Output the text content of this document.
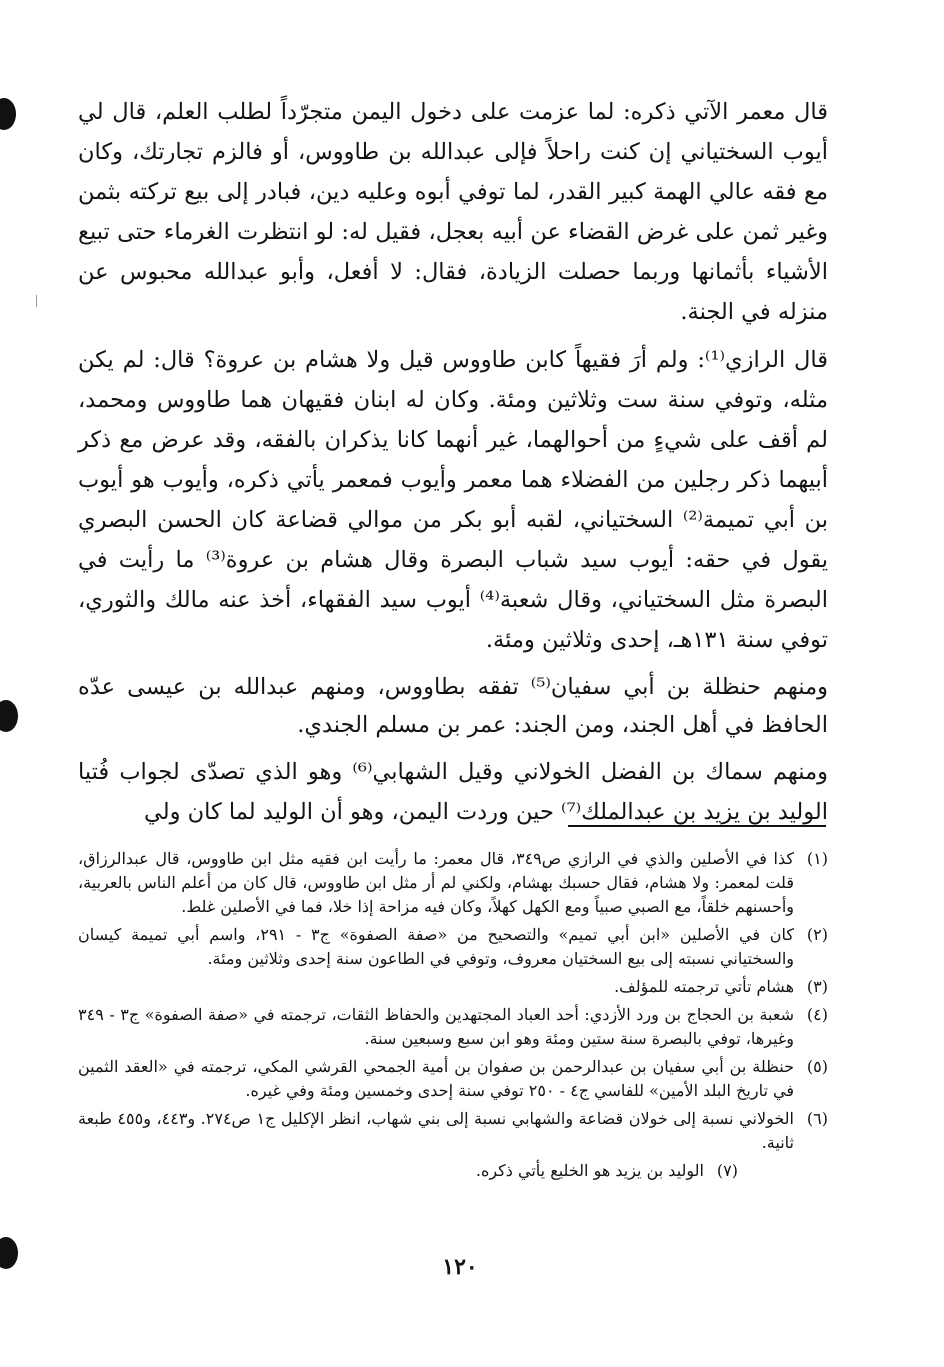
قال معمر الآتي ذكره: لما عزمت على دخول اليمن متجرّداً لطلب العلم، قال لي أيوب السختياني إن كنت راحلاً فإلى عبدالله بن طاووس، أو فالزم تجارتك، وكان مع فقه عالي الهمة كبير القدر، لما توفي أبوه وعليه دين، فبادر إلى بيع تركته بثمن وغير ثمن على غرض القضاء عن أبيه بعجل، فقيل له: لو انتظرت الغرماء حتى تبيع الأشياء بأثمانها وربما حصلت الزيادة، فقال: لا أفعل، وأبو عبدالله محبوس عن منزله في الجنة.

قال الرازي⁽¹⁾: ولم أرَ فقيهاً كابن طاووس قيل ولا هشام بن عروة؟ قال: لم يكن مثله، وتوفي سنة ست وثلاثين ومئة. وكان له ابنان فقيهان هما طاووس ومحمد، لم أقف على شيءٍ من أحوالهما، غير أنهما كانا يذكران بالفقه، وقد عرض مع ذكر أبيهما ذكر رجلين من الفضلاء هما معمر وأيوب فمعمر يأتي ذكره، وأيوب هو أيوب بن أبي تميمة⁽²⁾ السختياني، لقبه أبو بكر من موالي قضاعة كان الحسن البصري يقول في حقه: أيوب سيد شباب البصرة وقال هشام بن عروة⁽³⁾ ما رأيت في البصرة مثل السختياني، وقال شعبة⁽⁴⁾ أيوب سيد الفقهاء، أخذ عنه مالك والثوري، توفي سنة ١٣١هـ، إحدى وثلاثين ومئة.

ومنهم حنظلة بن أبي سفيان⁽⁵⁾ تفقه بطاووس، ومنهم عبدالله بن عيسى عدّه الحافظ في أهل الجند، ومن الجند: عمر بن مسلم الجندي.

ومنهم سماك بن الفضل الخولاني وقيل الشهابي⁽⁶⁾ وهو الذي تصدّى لجواب فُتيا الوليد بن يزيد بن عبدالملك⁽⁷⁾ حين وردت اليمن، وهو أن الوليد لما كان ولي

(١)
كذا في الأصلين والذي في الرازي ص٣٤٩، قال معمر: ما رأيت ابن فقيه مثل ابن طاووس، قال عبدالرزاق، قلت لمعمر: ولا هشام، فقال حسبك بهشام، ولكني لم أر مثل ابن طاووس، قال كان من أعلم الناس بالعربية، وأحسنهم خلقاً، مع الصبي صبياً ومع الكهل كهلاً، وكان فيه مزاحة إذا خلا، فما في الأصلين غلط.
(٢)
كان في الأصلين «ابن أبي تميم» والتصحيح من «صفة الصفوة» ج٣ - ٢٩١، واسم أبي تميمة كيسان والسختياني نسبته إلى بيع السختيان معروف، وتوفي في الطاعون سنة إحدى وثلاثين ومئة.
(٣)
هشام تأتي ترجمته للمؤلف.
(٤)
شعبة بن الحجاج بن ورد الأزدي: أحد العباد المجتهدين والحفاظ الثقات، ترجمته في «صفة الصفوة» ج٣ - ٣٤٩ وغيرها، توفي بالبصرة سنة ستين ومئة وهو ابن سبع وسبعين سنة.
(٥)
حنظلة بن أبي سفيان بن عبدالرحمن بن صفوان بن أمية الجمحي القرشي المكي، ترجمته في «العقد الثمين في تاريخ البلد الأمين» للفاسي ج٤ - ٢٥٠ توفي سنة إحدى وخمسين ومئة وفي غيره.
(٦)
الخولاني نسبة إلى خولان قضاعة والشهابي نسبة إلى بني شهاب، انظر الإكليل ج١ ص٢٧٤. و٤٤٣، و٤٥٥ طبعة ثانية.
(٧)
الوليد بن يزيد هو الخليع يأتي ذكره.
١٢٠
